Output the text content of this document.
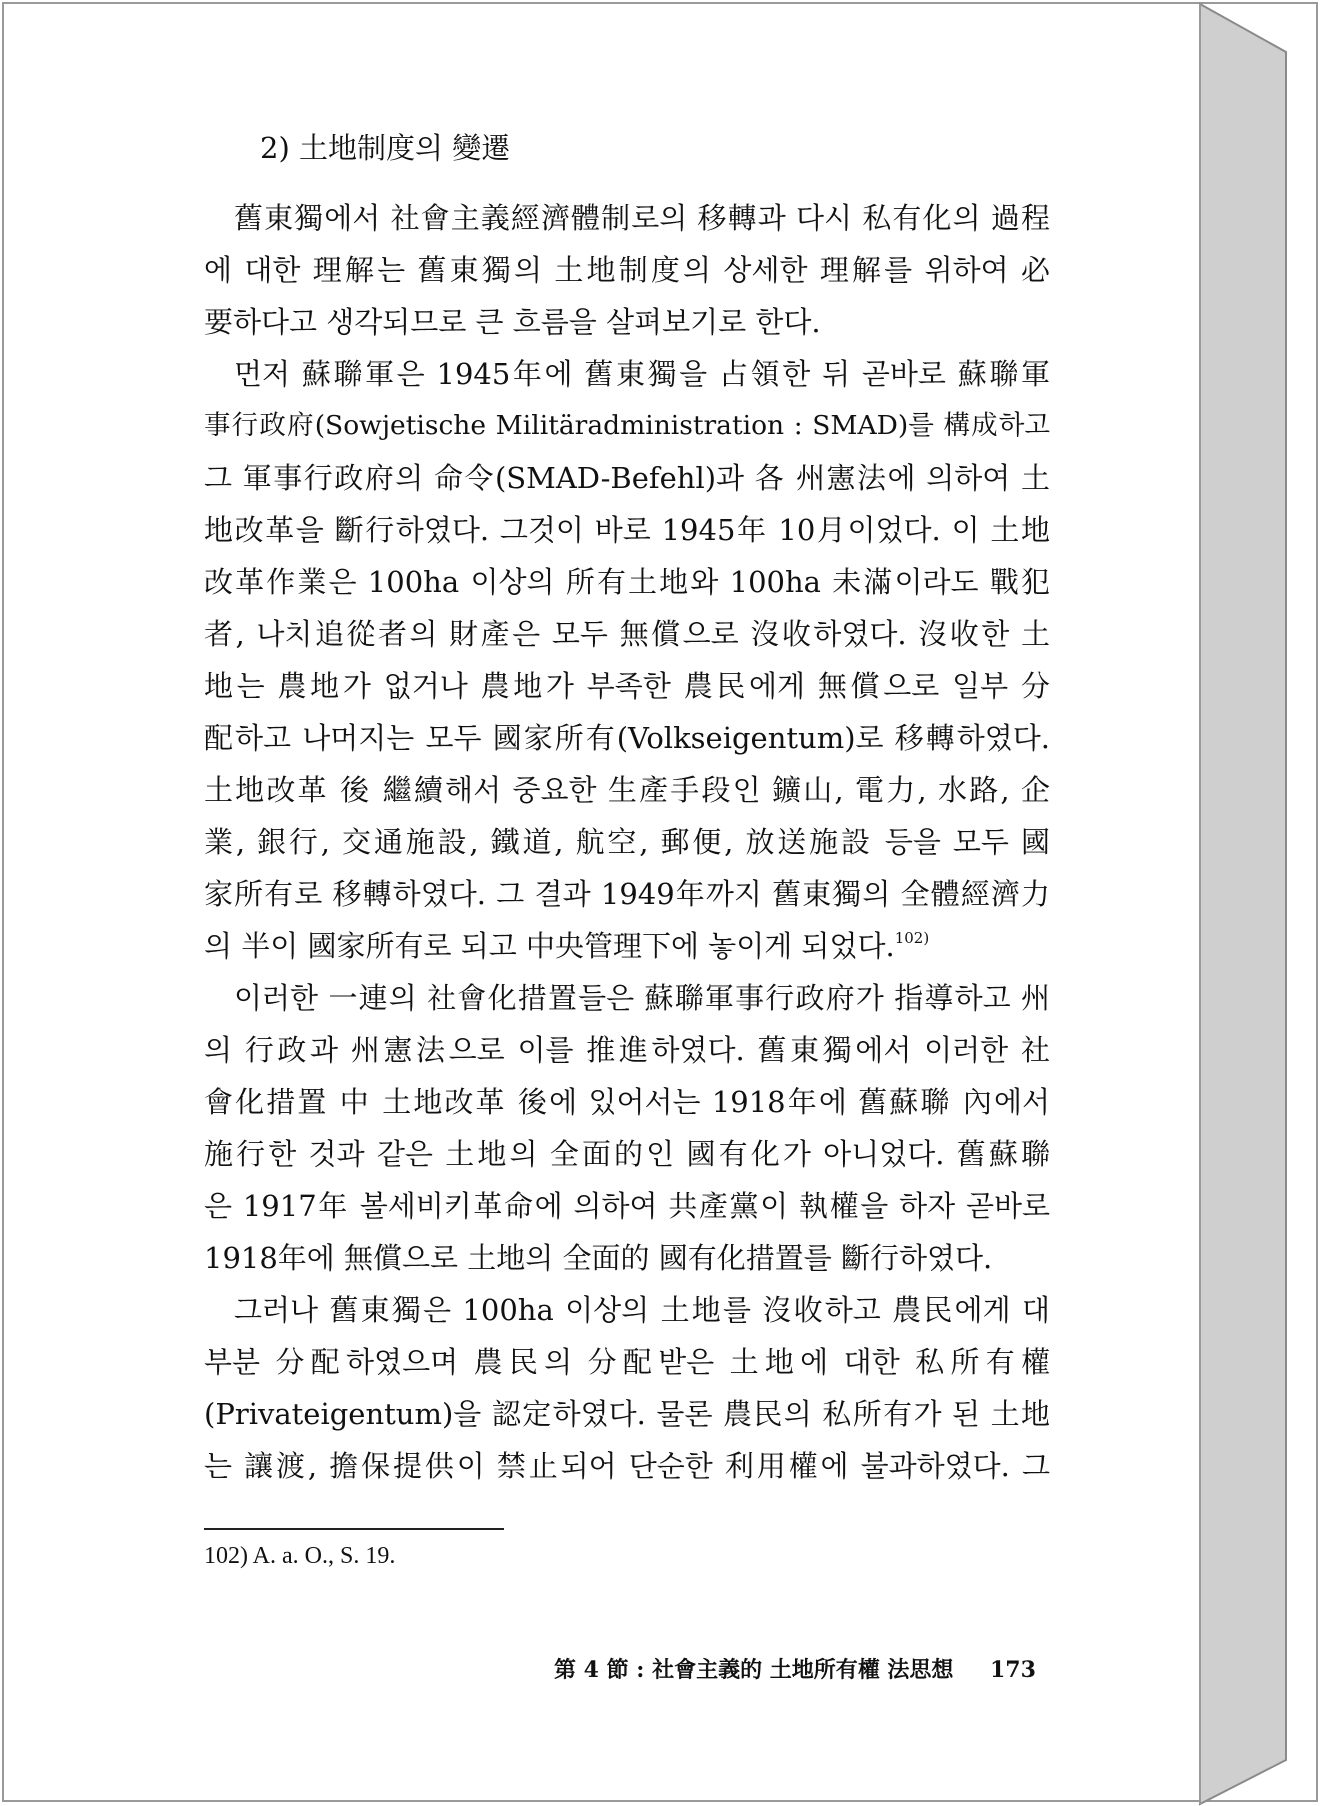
2) 土地制度의 變遷
舊東獨에서 社會主義經濟體制로의 移轉과 다시 私有化의 過程
에 대한 理解는 舊東獨의 土地制度의 상세한 理解를 위하여 必
要하다고 생각되므로 큰 흐름을 살펴보기로 한다.
먼저 蘇聯軍은 1945年에 舊東獨을 占領한 뒤 곧바로 蘇聯軍
事行政府(Sowjetische Militäradministration : SMAD)를 構成하고
그 軍事行政府의 命令(SMAD-Befehl)과 各 州憲法에 의하여 土
地改革을 斷行하였다. 그것이 바로 1945年 10月이었다. 이 土地
改革作業은 100ha 이상의 所有土地와 100ha 未滿이라도 戰犯
者, 나치追從者의 財產은 모두 無償으로 沒收하였다. 沒收한 土
地는 農地가 없거나 農地가 부족한 農民에게 無償으로 일부 分
配하고 나머지는 모두 國家所有(Volkseigentum)로 移轉하였다.
土地改革 後 繼續해서 중요한 生產手段인 鑛山, 電力, 水路, 企
業, 銀行, 交通施設, 鐵道, 航空, 郵便, 放送施設 등을 모두 國
家所有로 移轉하였다. 그 결과 1949年까지 舊東獨의 全體經濟力
의 半이 國家所有로 되고 中央管理下에 놓이게 되었다.$^{102)}$
이러한 一連의 社會化措置들은 蘇聯軍事行政府가 指導하고 州
의 行政과 州憲法으로 이를 推進하였다. 舊東獨에서 이러한 社
會化措置 中 土地改革 後에 있어서는 1918年에 舊蘇聯 內에서
施行한 것과 같은 土地의 全面的인 國有化가 아니었다. 舊蘇聯
은 1917年 볼세비키革命에 의하여 共產黨이 執權을 하자 곧바로
1918年에 無償으로 土地의 全面的 國有化措置를 斷行하였다.
그러나 舊東獨은 100ha 이상의 土地를 沒收하고 農民에게 대
부분 分配하였으며 農民의 分配받은 土地에 대한 私所有權
(Privateigentum)을 認定하였다. 물론 農民의 私所有가 된 土地
는 讓渡, 擔保提供이 禁止되어 단순한 利用權에 불과하였다. 그
102) A. a. O., S. 19.
第 4 節 : 社會主義的 土地所有權 法思想 173
